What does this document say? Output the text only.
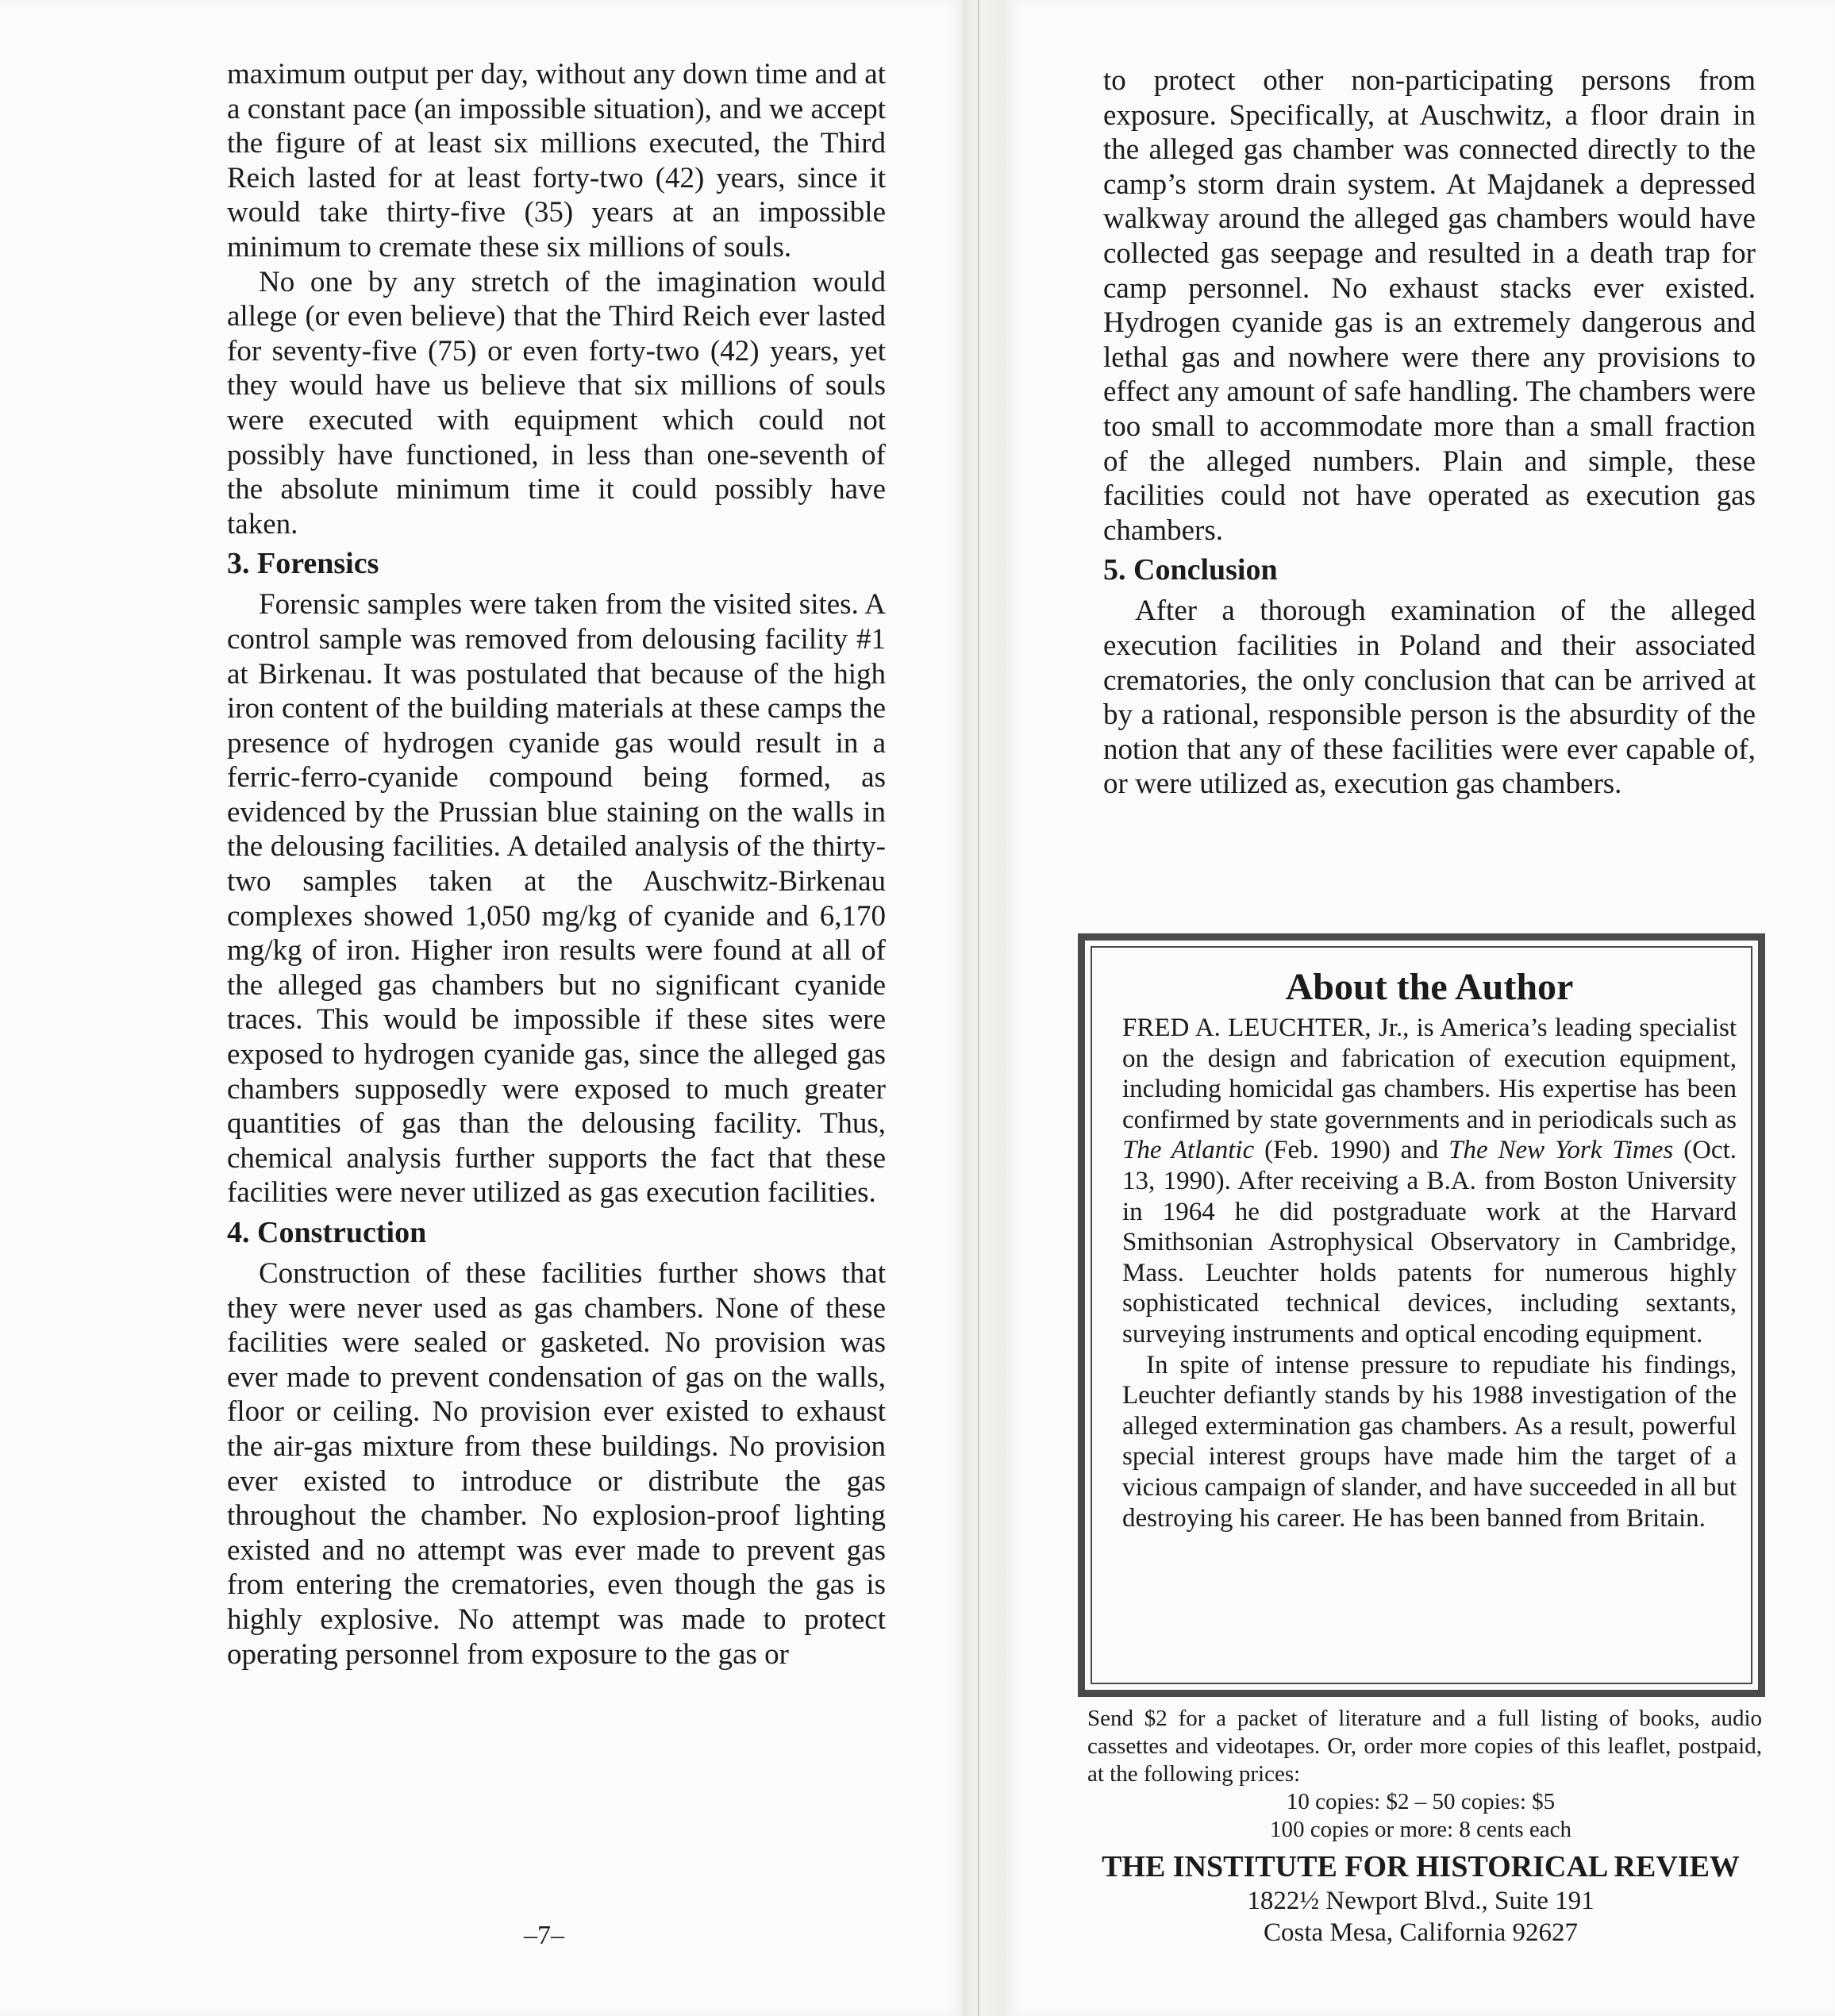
maximum output per day, without any down time and at a constant pace (an impossible situation), and we accept the figure of at least six millions executed, the Third Reich lasted for at least forty-two (42) years, since it would take thirty-five (35) years at an impossible minimum to cremate these six millions of souls.

No one by any stretch of the imagination would allege (or even believe) that the Third Reich ever lasted for seventy-five (75) or even forty-two (42) years, yet they would have us believe that six millions of souls were executed with equipment which could not possibly have functioned, in less than one-seventh of the absolute minimum time it could possibly have taken.

3. Forensics

Forensic samples were taken from the visited sites. A control sample was removed from delousing facility #1 at Birkenau. It was postulated that because of the high iron content of the building materials at these camps the presence of hydrogen cyanide gas would result in a ferric-ferro-cyanide compound being formed, as evidenced by the Prussian blue staining on the walls in the delousing facilities. A detailed analysis of the thirty-two samples taken at the Auschwitz-Birkenau complexes showed 1,050 mg/kg of cyanide and 6,170 mg/kg of iron. Higher iron results were found at all of the alleged gas chambers but no significant cyanide traces. This would be impossible if these sites were exposed to hydrogen cyanide gas, since the alleged gas chambers supposedly were exposed to much greater quantities of gas than the delousing facility. Thus, chemical analysis further supports the fact that these facilities were never utilized as gas execution facilities.

4. Construction

Construction of these facilities further shows that they were never used as gas chambers. None of these facilities were sealed or gasketed. No provision was ever made to prevent condensation of gas on the walls, floor or ceiling. No provision ever existed to exhaust the air-gas mixture from these buildings. No provision ever existed to introduce or distribute the gas throughout the chamber. No explosion-proof lighting existed and no attempt was ever made to prevent gas from entering the crematories, even though the gas is highly explosive. No attempt was made to protect operating personnel from exposure to the gas or

–7–

to protect other non-participating persons from exposure. Specifically, at Auschwitz, a floor drain in the alleged gas chamber was connected directly to the camp’s storm drain system. At Majdanek a depressed walkway around the alleged gas chambers would have collected gas seepage and resulted in a death trap for camp personnel. No exhaust stacks ever existed. Hydrogen cyanide gas is an extremely dangerous and lethal gas and nowhere were there any provisions to effect any amount of safe handling. The chambers were too small to accommodate more than a small fraction of the alleged numbers. Plain and simple, these facilities could not have operated as execution gas chambers.

5. Conclusion

After a thorough examination of the alleged execution facilities in Poland and their associated crematories, the only conclusion that can be arrived at by a rational, responsible person is the absurdity of the notion that any of these facilities were ever capable of, or were utilized as, execution gas chambers.

About the Author

FRED A. LEUCHTER, Jr., is America’s leading specialist on the design and fabrication of execution equipment, including homicidal gas chambers. His expertise has been confirmed by state governments and in periodicals such as The Atlantic (Feb. 1990) and The New York Times (Oct. 13, 1990). After receiving a B.A. from Boston University in 1964 he did postgraduate work at the Harvard Smithsonian Astrophysical Observatory in Cambridge, Mass. Leuchter holds patents for numerous highly sophisticated technical devices, including sextants, surveying instruments and optical encoding equipment.

In spite of intense pressure to repudiate his findings, Leuchter defiantly stands by his 1988 investigation of the alleged extermination gas chambers. As a result, powerful special interest groups have made him the target of a vicious campaign of slander, and have succeeded in all but destroying his career. He has been banned from Britain.

Send $2 for a packet of literature and a full listing of books, audio cassettes and videotapes. Or, order more copies of this leaflet, postpaid, at the following prices:
10 copies: $2 – 50 copies: $5
100 copies or more: 8 cents each
THE INSTITUTE FOR HISTORICAL REVIEW
1822½ Newport Blvd., Suite 191
Costa Mesa, California 92627
